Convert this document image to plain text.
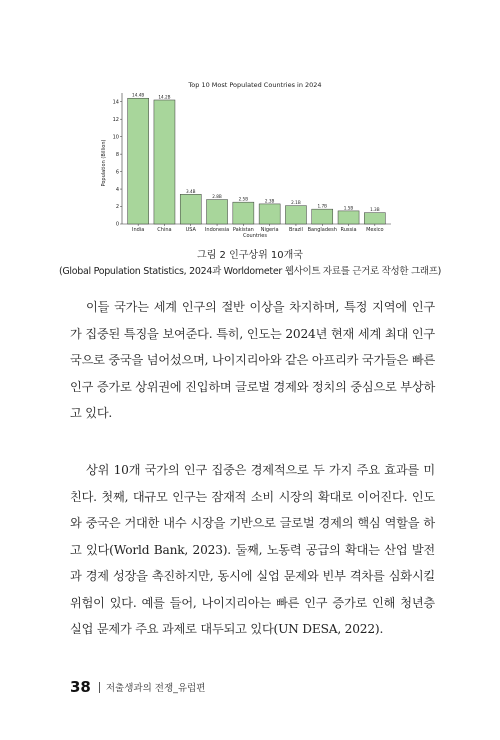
Top 10 Most Populated Countries in 2024
Population (Billion)
Countries
0
2
4
6
8
10
12
14
14.4B
India
14.2B
China
3.4B
USA
2.8B
Indonesia
2.5B
Pakistan
2.3B
Nigeria
2.1B
Brazil
1.7B
Bangladesh
1.5B
Russia
1.3B
Mexico
그림 2 인구상위 10개국
(Global Population Statistics, 2024과 Worldometer 웹사이트 자료를 근거로 작성한 그래프)

이들 국가는 세계 인구의 절반 이상을 차지하며, 특정 지역에 인구가 집중된 특징을 보여준다. 특히, 인도는 2024년 현재 세계 최대 인구국으로 중국을 넘어섰으며, 나이지리아와 같은 아프리카 국가들은 빠른 인구 증가로 상위권에 진입하며 글로벌 경제와 정치의 중심으로 부상하고 있다.

상위 10개 국가의 인구 집중은 경제적으로 두 가지 주요 효과를 미친다. 첫째, 대규모 인구는 잠재적 소비 시장의 확대로 이어진다. 인도와 중국은 거대한 내수 시장을 기반으로 글로벌 경제의 핵심 역할을 하고 있다(World Bank, 2023). 둘째, 노동력 공급의 확대는 산업 발전과 경제 성장을 촉진하지만, 동시에 실업 문제와 빈부 격차를 심화시킬 위험이 있다. 예를 들어, 나이지리아는 빠른 인구 증가로 인해 청년층 실업 문제가 주요 과제로 대두되고 있다(UN DESA, 2022).

38 저출생과의 전쟁_유럽편
